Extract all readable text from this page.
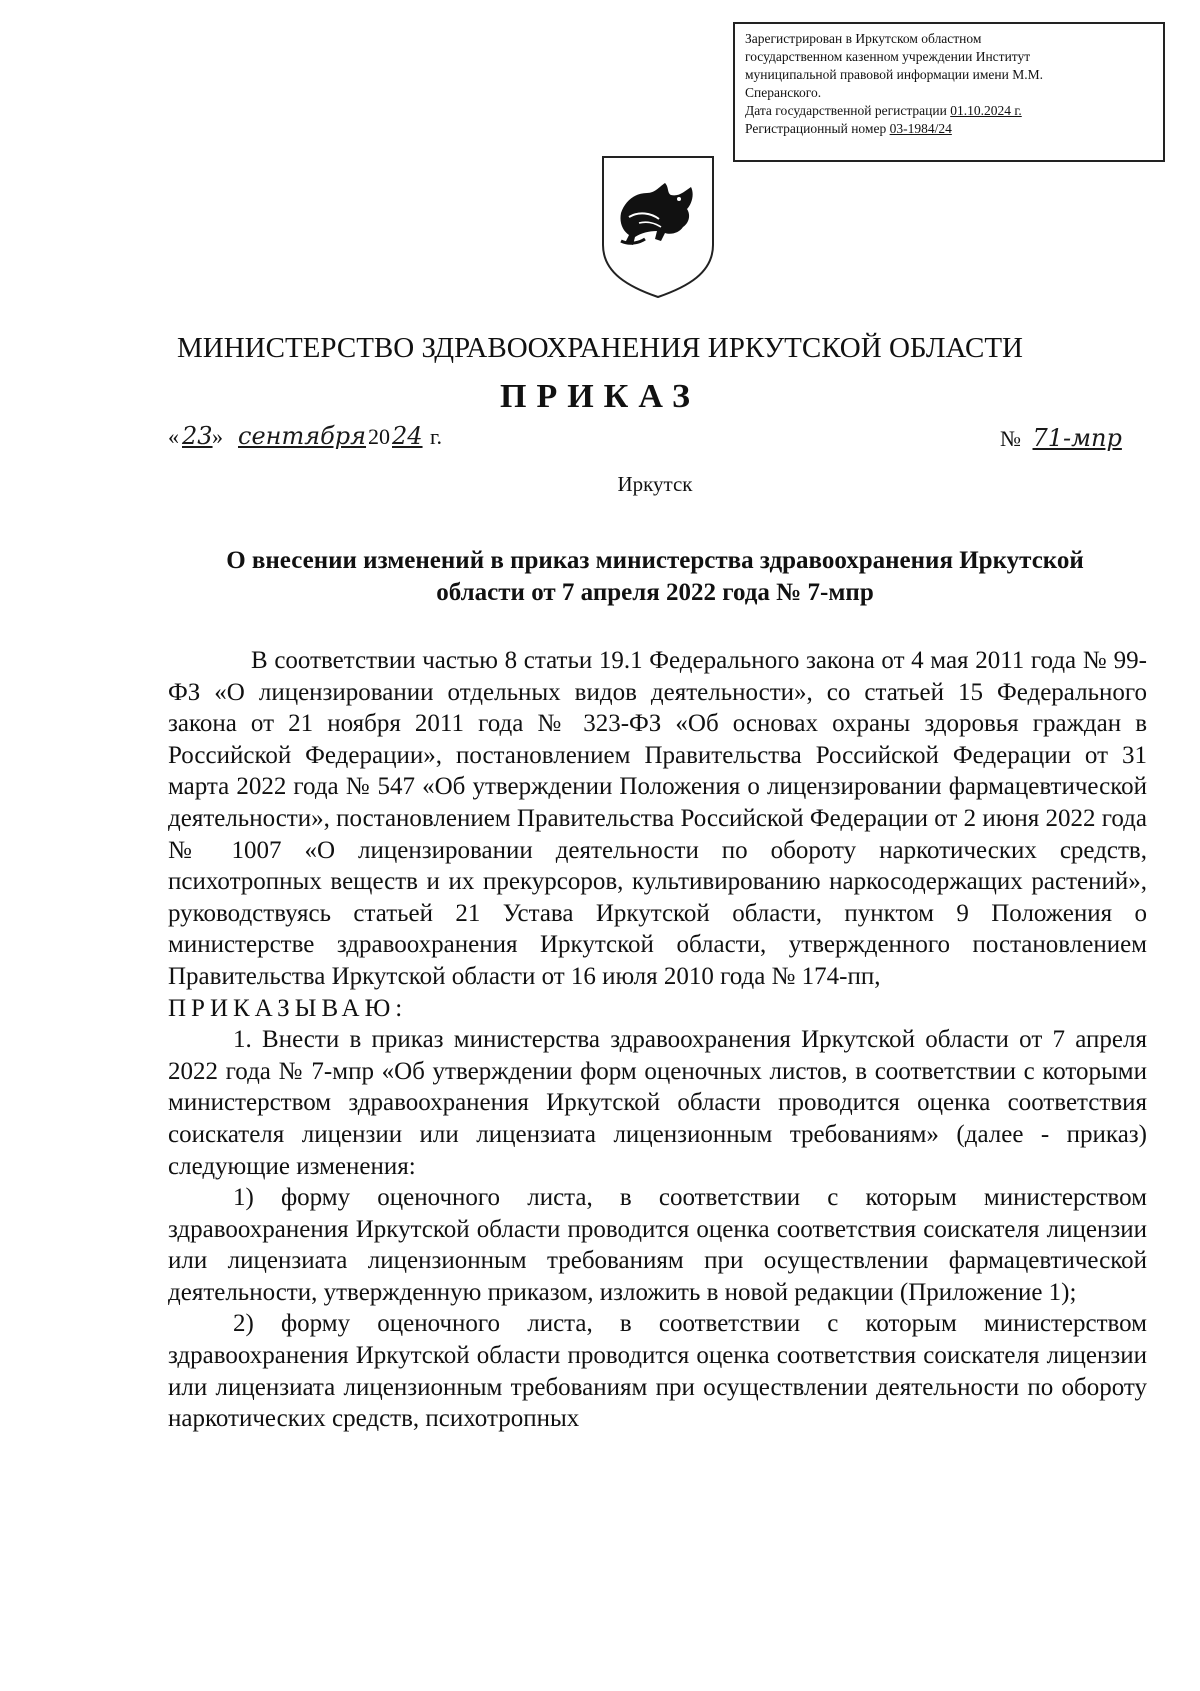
Зарегистрирован в Иркутском областном
государственном казенном учреждении Институт
муниципальной правовой информации имени М.М.
Сперанского.
Дата государственной регистрации 01.10.2024 г.
Регистрационный номер 03-1984/24
МИНИСТЕРСТВО ЗДРАВООХРАНЕНИЯ ИРКУТСКОЙ ОБЛАСТИ
ПРИКАЗ
« 23 » сентября 20 24 г.	№ 71-мпр
Иркутск
О внесении изменений в приказ министерства здравоохранения Иркутской
области от 7 апреля 2022 года № 7-мпр

В соответствии частью 8 статьи 19.1 Федерального закона от 4 мая 2011 года № 99-ФЗ «О лицензировании отдельных видов деятельности», со статьей 15 Федерального закона от 21 ноября 2011 года № 323-ФЗ «Об основах охраны здоровья граждан в Российской Федерации», постановлением Правительства Российской Федерации от 31 марта 2022 года № 547 «Об утверждении Положения о лицензировании фармацевтической деятельности», постановлением Правительства Российской Федерации от 2 июня 2022 года № 1007 «О лицензировании деятельности по обороту наркотических средств, психотропных веществ и их прекурсоров, культивированию наркосодержащих растений», руководствуясь статьей 21 Устава Иркутской области, пунктом 9 Положения о министерстве здравоохранения Иркутской области, утвержденного постановлением Правительства Иркутской области от 16 июля 2010 года № 174-пп,

ПРИКАЗЫВАЮ:

1. Внести в приказ министерства здравоохранения Иркутской области от 7 апреля 2022 года № 7-мпр «Об утверждении форм оценочных листов, в соответствии с которыми министерством здравоохранения Иркутской области проводится оценка соответствия соискателя лицензии или лицензиата лицензионным требованиям» (далее - приказ) следующие изменения:

1) форму оценочного листа, в соответствии с которым министерством здравоохранения Иркутской области проводится оценка соответствия соискателя лицензии или лицензиата лицензионным требованиям при осуществлении фармацевтической деятельности, утвержденную приказом, изложить в новой редакции (Приложение 1);

2) форму оценочного листа, в соответствии с которым министерством здравоохранения Иркутской области проводится оценка соответствия соискателя лицензии или лицензиата лицензионным требованиям при осуществлении деятельности по обороту наркотических средств, психотропных
